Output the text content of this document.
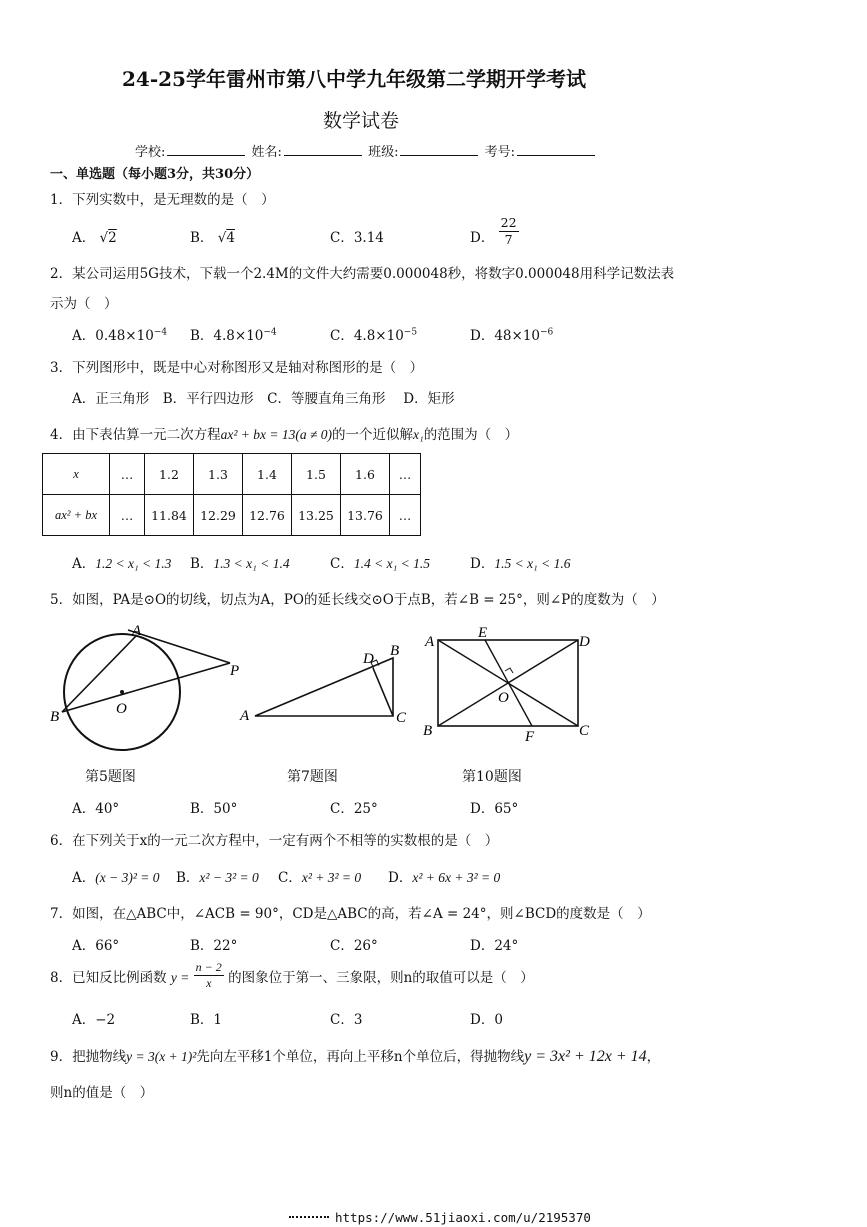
24-25学年雷州市第八中学九年级第二学期开学考试
数学试卷
学校:	姓名:	班级:	考号:
一、单选题（每小题3分，共30分）
1．下列实数中，是无理数的是（　）
A． √2	B． √4	C．3.14	D． $\frac{22}{7}$
2．某公司运用5G技术，下载一个2.4M的文件大约需要0.000048秒，将数字0.000048用科学记数法表
示为（　）
A．$0.48\times 10^{-4}$ B．$4.8\times 10^{-4}$	C．$4.8\times 10^{-5}$	D．$48\times 10^{-6}$
3．下列图形中，既是中心对称图形又是轴对称图形的是（　）
A．正三角形　B．平行四边形　C．等腰直角三角形　 D．矩形
4．由下表估算一元二次方程ax² + bx = 13(a ≠ 0)的一个近似解x₁的范围为（　）
x	…	1.2	1.3	1.4	1.5	1.6	…
ax² + bx	…	11.84	12.29	12.76	13.25	13.76	…
A．1.2 < x₁ < 1.3 B．1.3 < x₁ < 1.4	C．1.4 < x₁ < 1.5	D．1.5 < x₁ < 1.6
5．如图，PA是⊙O的切线，切点为A，PO的延长线交⊙O于点B，若∠B = 25°，则∠P的度数为（　）
A
P
B	O	A
B
C
D
A
E
D
O
B	F	C
第5题图	第7题图	第10题图
A．40°	B．50°	C．25°	D．65°
6．在下列关于x的一元二次方程中，一定有两个不相等的实数根的是（　）
A．(x − 3)² = 0 B．x² − 3² = 0 C．x² + 3² = 0 D．x² + 6x + 3² = 0
7．如图，在△ABC中，∠ACB = 90°，CD是△ABC的高，若∠A = 24°，则∠BCD的度数是（　）
A．66°	B．22°	C．26°	D．24°
8．已知反比例函数 $y = \frac{n - 2}{x}$ 的图象位于第一、三象限，则n的取值可以是（　）
A．−2	B．1	C．3	D．0
9．把抛物线y = 3(x + 1)²先向左平移1个单位，再向上平移n个单位后，得抛物线y = 3x² + 12x + 14，
则n的值是（　）
https://www.51jiaoxi.com/u/2195370
